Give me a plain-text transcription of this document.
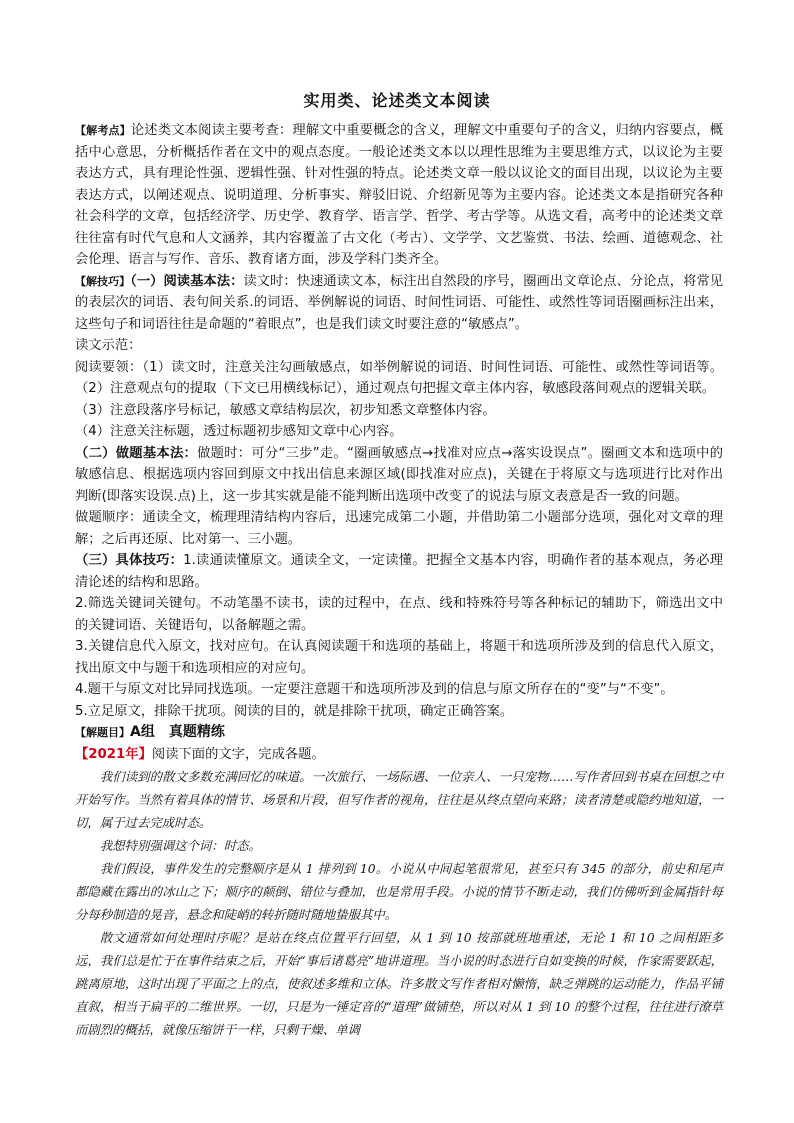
实用类、论述类文本阅读

【解考点】论述类文本阅读主要考查：理解文中重要概念的含义，理解文中重要句子的含义，归纳内容要点，概括中心意思，分析概括作者在文中的观点态度。一般论述类文本以以理性思维为主要思维方式，以议论为主要表达方式，具有理论性强、逻辑性强、针对性强的特点。论述类文章一般以议论文的面目出现，以议论为主要表达方式，以阐述观点、说明道理、分析事实、辩驳旧说、介绍新见等为主要内容。论述类文本是指研究各种社会科学的文章，包括经济学、历史学、教育学、语言学、哲学、考古学等。从选文看，高考中的论述类文章往往富有时代气息和人文涵养，其内容覆盖了古文化（考古）、文学学、文艺鉴赏、书法、绘画、道德观念、社会伦理、语言与写作、音乐、教育诸方面，涉及学科门类齐全。

【解技巧】（一）阅读基本法：读文时：快速通读文本，标注出自然段的序号，圈画出文章论点、分论点，将常见的表层次的词语、表句间关系.的词语、举例解说的词语、时间性词语、可能性、或然性等词语圈画标注出来，这些句子和词语往往是命题的“着眼点”，也是我们读文时要注意的“敏感点”。

读文示范：

阅读要领：（1）读文时，注意关注勾画敏感点，如举例解说的词语、时间性词语、可能性、或然性等词语等。（2）注意观点句的提取（下文已用横线标记），通过观点句把握文章主体内容，敏感段落间观点的逻辑关联。

（3）注意段落序号标记，敏感文章结构层次，初步知悉文章整体内容。

（4）注意关注标题，透过标题初步感知文章中心内容。

（二）做题基本法：做题时：可分“三步”走。“圈画敏感点→找准对应点→落实设误点”。圈画文本和选项中的敏感信息、根据选项内容回到原文中找出信息来源区域(即找准对应点)，关键在于将原文与选项进行比对作出判断(即落实设误.点)上，这一步其实就是能不能判断出选项中改变了的说法与原文表意是否一致的问题。

做题顺序：通读全文，梳理理清结构内容后，迅速完成第二小题，并借助第二小题部分选项，强化对文章的理解；之后再还原、比对第一、三小题。

（三）具体技巧：1.读通读懂原文。通读全文，一定读懂。把握全文基本内容，明确作者的基本观点，务必理清论述的结构和思路。

2.筛选关键词关键句。不动笔墨不读书，读的过程中，在点、线和特殊符号等各种标记的辅助下，筛选出文中的关键词语、关键语句，以备解题之需。

3.关键信息代入原文，找对应句。在认真阅读题干和选项的基础上，将题干和选项所涉及到的信息代入原文，找出原文中与题干和选项相应的对应句。

4.题干与原文对比异同找选项。一定要注意题干和选项所涉及到的信息与原文所存在的“变”与“不变”。

5.立足原文，排除干扰项。阅读的目的，就是排除干扰项，确定正确答案。

【解题目】A组　真题精练

【2021年】阅读下面的文字，完成各题。

我们读到的散文多数充满回忆的味道。一次旅行、一场际遇、一位亲人、一只宠物……写作者回到书桌在回想之中开始写作。当然有着具体的情节、场景和片段，但写作者的视角，往往是从终点望向来路；读者清楚或隐约地知道，一切，属于过去完成时态。

我想特别强调这个词：时态。

我们假设，事件发生的完整顺序是从 1 排列到 10。小说从中间起笔很常见，甚至只有 345 的部分，前史和尾声都隐藏在露出的冰山之下；顺序的颠倒、错位与叠加，也是常用手段。小说的情节不断走动，我们仿佛听到金属指针每分每秒制造的晃音，悬念和陡峭的转折随时随地蛰服其中。

散文通常如何处理时序呢？是站在终点位置平行回望，从 1 到 10 按部就班地重述，无论 1 和 10 之间相距多远，我们总是忙于在事件结束之后，开始“事后诸葛亮”地讲道理。当小说的时态进行自如变换的时候，作家需要跃起，跳离原地，这时出现了平面之上的点，使叙述多维和立体。许多散文写作者相对懒惰，缺乏弹跳的运动能力，作品平铺直叙，相当于扁平的二维世界。一切，只是为一锤定音的“道理”做铺垫，所以对从 1 到 10 的整个过程，往往进行潦草而剧烈的概括，就像压缩饼干一样，只剩干燥、单调
